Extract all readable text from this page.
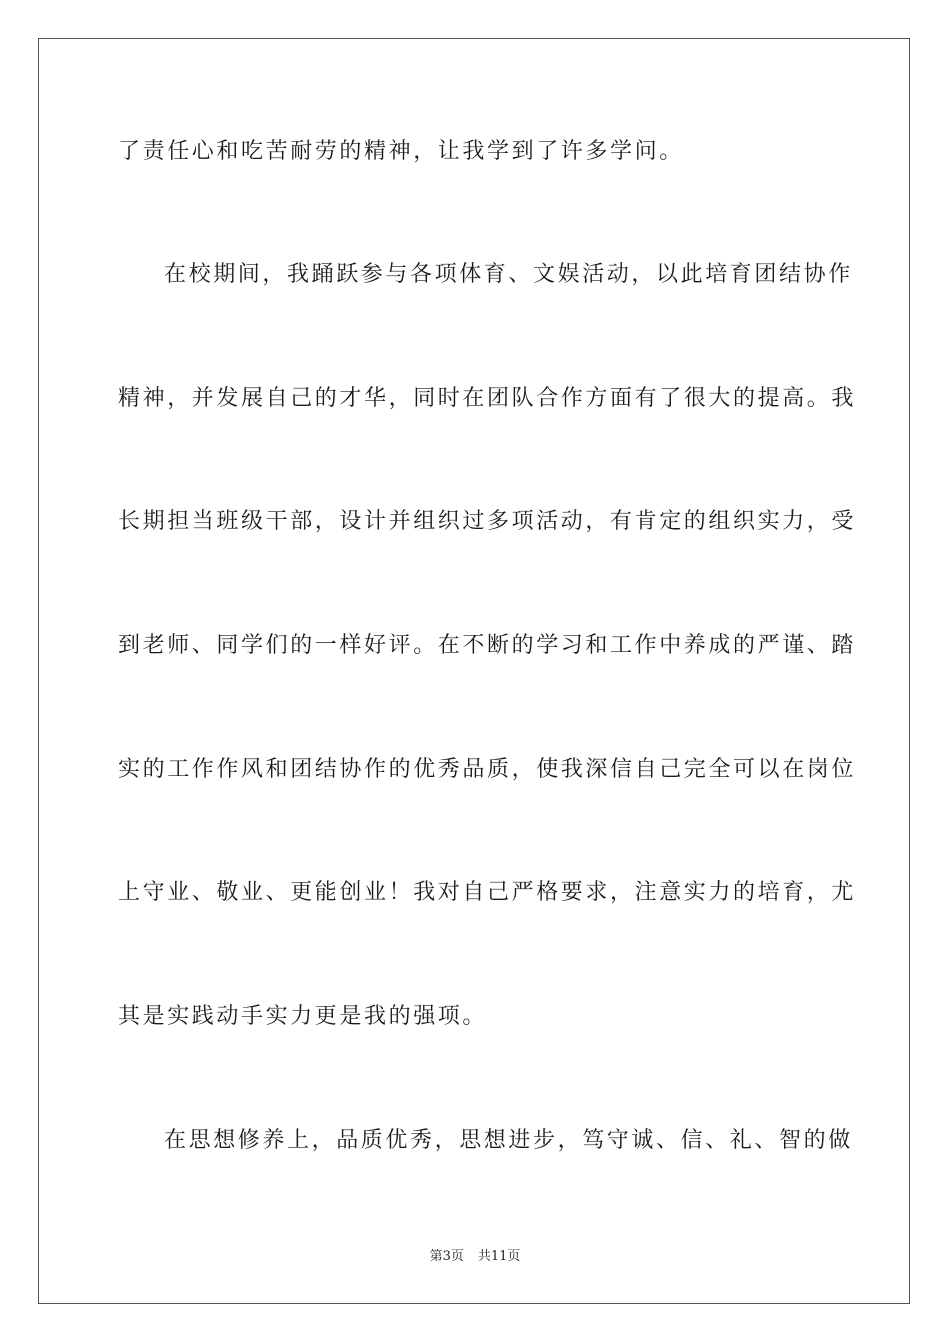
了责任心和吃苦耐劳的精神，让我学到了许多学问。
在校期间，我踊跃参与各项体育、文娱活动，以此培育团结协作
精神，并发展自己的才华，同时在团队合作方面有了很大的提高。我
长期担当班级干部，设计并组织过多项活动，有肯定的组织实力，受
到老师、同学们的一样好评。在不断的学习和工作中养成的严谨、踏
实的工作作风和团结协作的优秀品质，使我深信自己完全可以在岗位
上守业、敬业、更能创业！我对自己严格要求，注意实力的培育，尤
其是实践动手实力更是我的强项。
在思想修养上，品质优秀，思想进步，笃守诚、信、礼、智的做
第3页 共11页
